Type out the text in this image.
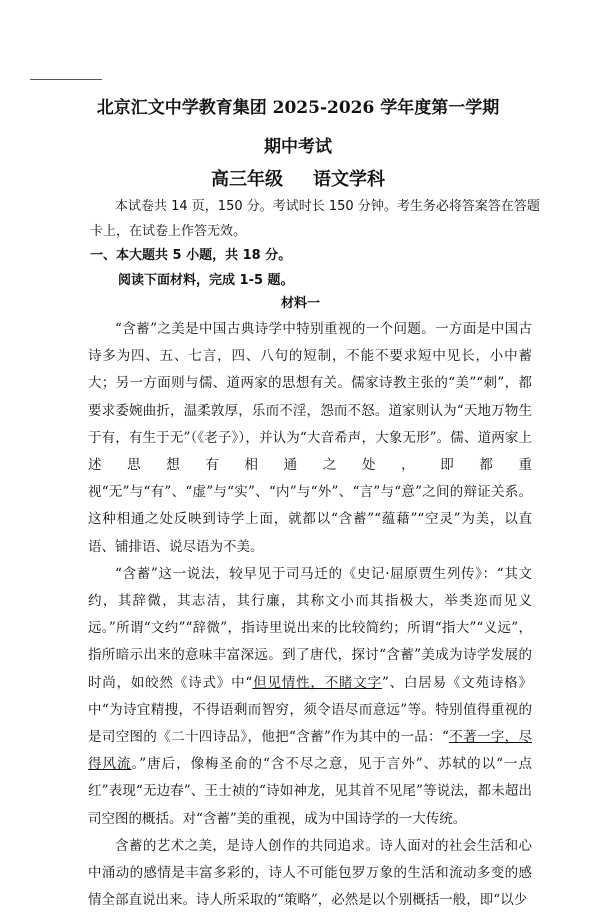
北京汇文中学教育集团 2025-2026 学年度第一学期
期中考试
高三年级 语文学科
本试卷共 14 页，150 分。考试时长 150 分钟。考生务必将答案答在答题
卡上，在试卷上作答无效。
一、本大题共 5 小题，共 18 分。
阅读下面材料，完成 1-5 题。
材料一

“含蓄”之美是中国古典诗学中特别重视的一个问题。一方面是中国古诗多为四、五、七言，四、八句的短制，不能不要求短中见长，小中蓄大；另一方面则与儒、道两家的思想有关。儒家诗教主张的“美”“刺”，都要求委婉曲折，温柔敦厚，乐而不淫，怨而不怒。道家则认为“天地万物生于有，有生于无”（《老子》），并认为“大音希声，大象无形”。儒、道两家上述思想有相通之处，即都重视“无”与“有”、“虚”与“实”、“内”与“外”、“言”与“意”之间的辩证关系。这种相通之处反映到诗学上面，就都以“含蓄”“蕴藉”“空灵”为美，以直语、铺排语、说尽语为不美。

“含蓄”这一说法，较早见于司马迁的《史记·屈原贾生列传》：“其文约，其辞微，其志洁，其行廉，其称文小而其指极大，举类迩而见义远。”所谓“文约”“辞微”，指诗里说出来的比较简约；所谓“指大”“义远”，指所暗示出来的意味丰富深远。到了唐代，探讨“含蓄”美成为诗学发展的时尚，如皎然《诗式》中“但见情性，不睹文字”、白居易《文苑诗格》中“为诗宜精搜，不得语剩而智穷，须令语尽而意远”等。特别值得重视的是司空图的《二十四诗品》，他把“含蓄”作为其中的一品：“不著一字，尽得风流。”唐后，像梅圣俞的“含不尽之意，见于言外”、苏轼的以“一点红”表现“无边春”、王士祯的“诗如神龙，见其首不见尾”等说法，都未超出司空图的概括。对“含蓄”美的重视，成为中国诗学的一大传统。

含蓄的艺术之美，是诗人创作的共同追求。诗人面对的社会生活和心中涌动的感情是丰富多彩的，诗人不可能包罗万象的生活和流动多变的感情全部直说出来。诗人所采取的“策略”，必然是以个别概括一般，即“以少
